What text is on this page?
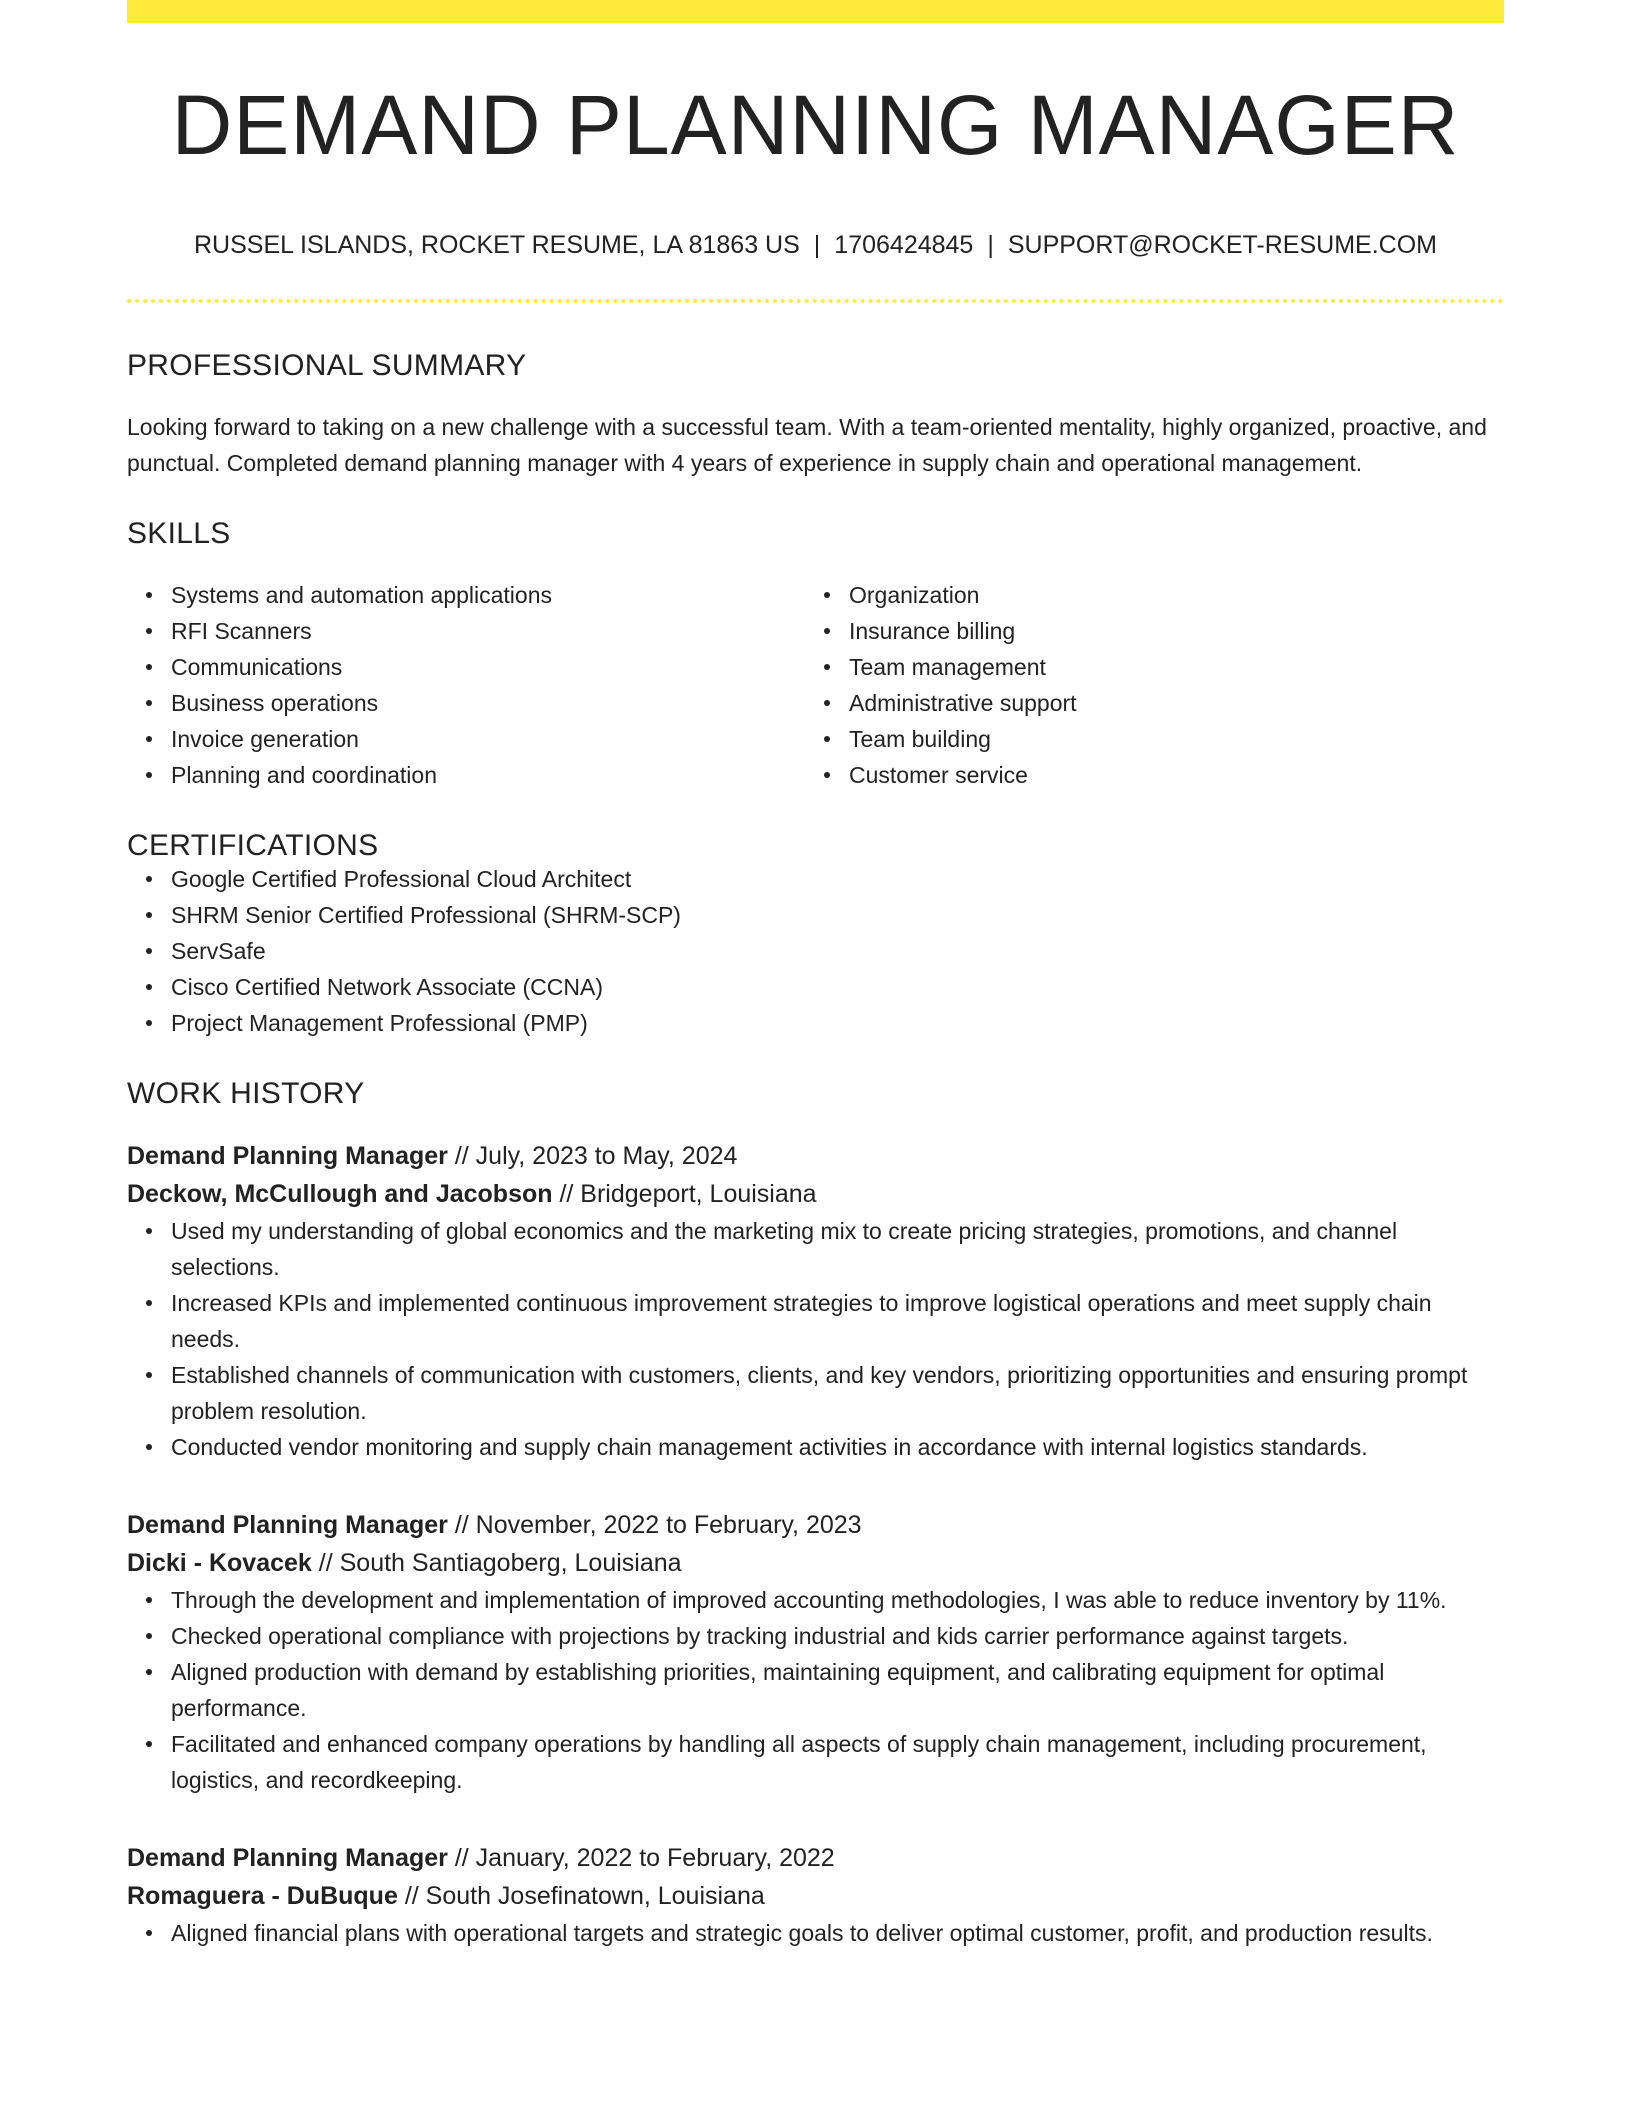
DEMAND PLANNING MANAGER
RUSSEL ISLANDS, ROCKET RESUME, LA 81863 US | 1706424845 | SUPPORT@ROCKET-RESUME.COM
PROFESSIONAL SUMMARY

Looking forward to taking on a new challenge with a successful team. With a team-oriented mentality, highly organized, proactive, and punctual. Completed demand planning manager with 4 years of experience in supply chain and operational management.

SKILLS
Systems and automation applications
RFI Scanners
Communications
Business operations
Invoice generation
Planning and coordination
Organization
Insurance billing
Team management
Administrative support
Team building
Customer service
CERTIFICATIONS
Google Certified Professional Cloud Architect
SHRM Senior Certified Professional (SHRM-SCP)
ServSafe
Cisco Certified Network Associate (CCNA)
Project Management Professional (PMP)
WORK HISTORY
Demand Planning Manager // July, 2023 to May, 2024
Deckow, McCullough and Jacobson // Bridgeport, Louisiana
Used my understanding of global economics and the marketing mix to create pricing strategies, promotions, and channel selections.
Increased KPIs and implemented continuous improvement strategies to improve logistical operations and meet supply chain needs.
Established channels of communication with customers, clients, and key vendors, prioritizing opportunities and ensuring prompt problem resolution.
Conducted vendor monitoring and supply chain management activities in accordance with internal logistics standards.
Demand Planning Manager // November, 2022 to February, 2023
Dicki - Kovacek // South Santiagoberg, Louisiana
Through the development and implementation of improved accounting methodologies, I was able to reduce inventory by 11%.
Checked operational compliance with projections by tracking industrial and kids carrier performance against targets.
Aligned production with demand by establishing priorities, maintaining equipment, and calibrating equipment for optimal performance.
Facilitated and enhanced company operations by handling all aspects of supply chain management, including procurement, logistics, and recordkeeping.
Demand Planning Manager // January, 2022 to February, 2022
Romaguera - DuBuque // South Josefinatown, Louisiana
Aligned financial plans with operational targets and strategic goals to deliver optimal customer, profit, and production results.
